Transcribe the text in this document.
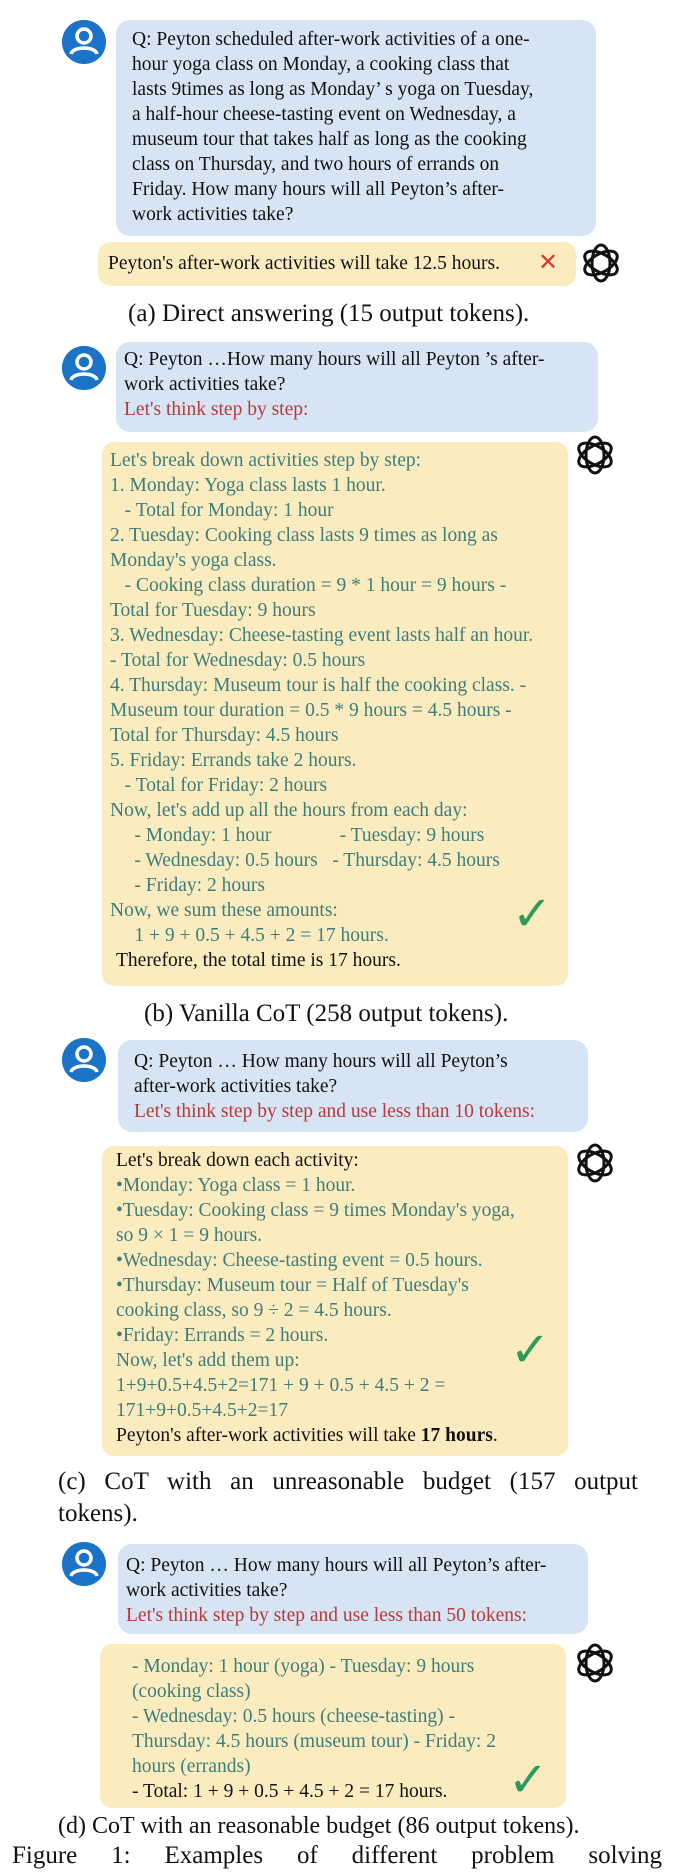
Q: Peyton scheduled after-work activities of a one-
hour yoga class on Monday, a cooking class that
lasts 9times as long as Monday’ s yoga on Tuesday,
a half-hour cheese-tasting event on Wednesday, a
museum tour that takes half as long as the cooking
class on Thursday, and two hours of errands on
Friday. How many hours will all Peyton’s after-
work activities take?
Peyton's after-work activities will take 12.5 hours. ✕
(a) Direct answering (15 output tokens).
Q: Peyton …How many hours will all Peyton ’s after-
work activities take?
Let's think step by step:
Let's break down activities step by step:
1. Monday: Yoga class lasts 1 hour.
- Total for Monday: 1 hour
2. Tuesday: Cooking class lasts 9 times as long as
Monday's yoga class.
- Cooking class duration = 9 * 1 hour = 9 hours -
Total for Tuesday: 9 hours
3. Wednesday: Cheese-tasting event lasts half an hour.
- Total for Wednesday: 0.5 hours
4. Thursday: Museum tour is half the cooking class. -
Museum tour duration = 0.5 * 9 hours = 4.5 hours -
Total for Thursday: 4.5 hours
5. Friday: Errands take 2 hours.
- Total for Friday: 2 hours
Now, let's add up all the hours from each day:
- Monday: 1 hour              - Tuesday: 9 hours
- Wednesday: 0.5 hours   - Thursday: 4.5 hours
- Friday: 2 hours
Now, we sum these amounts:
1 + 9 + 0.5 + 4.5 + 2 = 17 hours.
Therefore, the total time is 17 hours.
✓
(b) Vanilla CoT (258 output tokens).
Q: Peyton … How many hours will all Peyton’s
after-work activities take?
Let's think step by step and use less than 10 tokens:
Let's break down each activity:
•Monday: Yoga class = 1 hour.
•Tuesday: Cooking class = 9 times Monday's yoga,
so 9 × 1 = 9 hours.
•Wednesday: Cheese-tasting event = 0.5 hours.
•Thursday: Museum tour = Half of Tuesday's
cooking class, so 9 ÷ 2 = 4.5 hours.
•Friday: Errands = 2 hours.
Now, let's add them up:
1+9+0.5+4.5+2=171 + 9 + 0.5 + 4.5 + 2 =
171+9+0.5+4.5+2=17
Peyton's after-work activities will take 17 hours.
✓
(c) CoT with an unreasonable budget (157 output
tokens).
Q: Peyton … How many hours will all Peyton’s after-
work activities take?
Let's think step by step and use less than 50 tokens:
- Monday: 1 hour (yoga) - Tuesday: 9 hours
(cooking class)
- Wednesday: 0.5 hours (cheese-tasting) -
Thursday: 4.5 hours (museum tour) - Friday: 2
hours (errands)
- Total: 1 + 9 + 0.5 + 4.5 + 2 = 17 hours.	✓
(d) CoT with an reasonable budget (86 output tokens).
Figure 1: Examples of different problem solving
